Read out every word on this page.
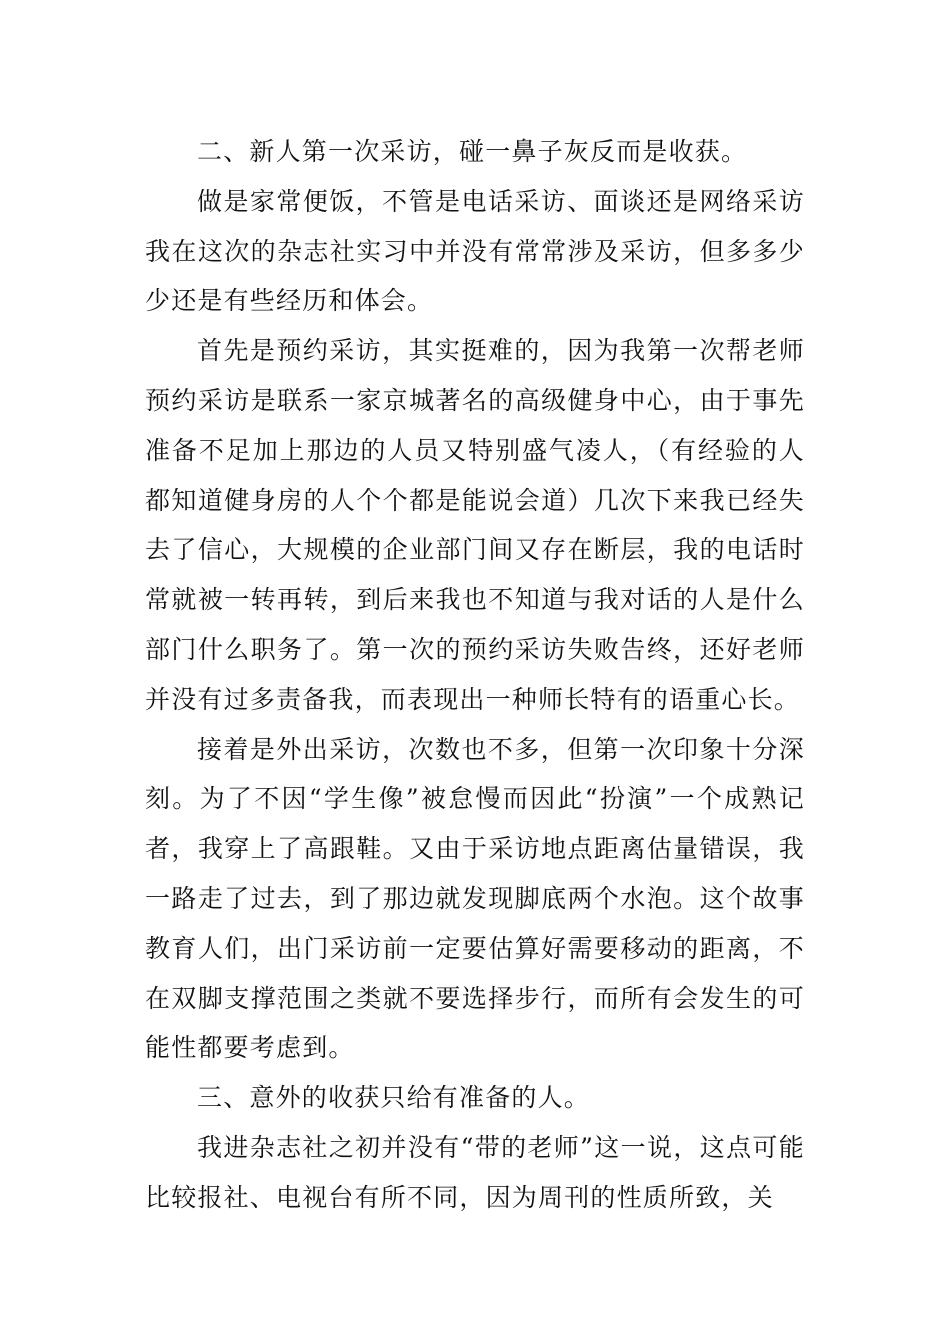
二、新人第一次采访，碰一鼻子灰反而是收获。

做是家常便饭，不管是电话采访、面谈还是网络采访我在这次的杂志社实习中并没有常常涉及采访，但多多少少还是有些经历和体会。

首先是预约采访，其实挺难的，因为我第一次帮老师预约采访是联系一家京城著名的高级健身中心，由于事先准备不足加上那边的人员又特别盛气凌人，（有经验的人都知道健身房的人个个都是能说会道）几次下来我已经失去了信心，大规模的企业部门间又存在断层，我的电话时常就被一转再转，到后来我也不知道与我对话的人是什么部门什么职务了。第一次的预约采访失败告终，还好老师并没有过多责备我，而表现出一种师长特有的语重心长。

接着是外出采访，次数也不多，但第一次印象十分深刻。为了不因“学生像”被怠慢而因此“扮演”一个成熟记者，我穿上了高跟鞋。又由于采访地点距离估量错误，我一路走了过去，到了那边就发现脚底两个水泡。这个故事教育人们，出门采访前一定要估算好需要移动的距离，不在双脚支撑范围之类就不要选择步行，而所有会发生的可能性都要考虑到。

三、意外的收获只给有准备的人。

我进杂志社之初并没有“带的老师”这一说，这点可能比较报社、电视台有所不同，因为周刊的性质所致，关
